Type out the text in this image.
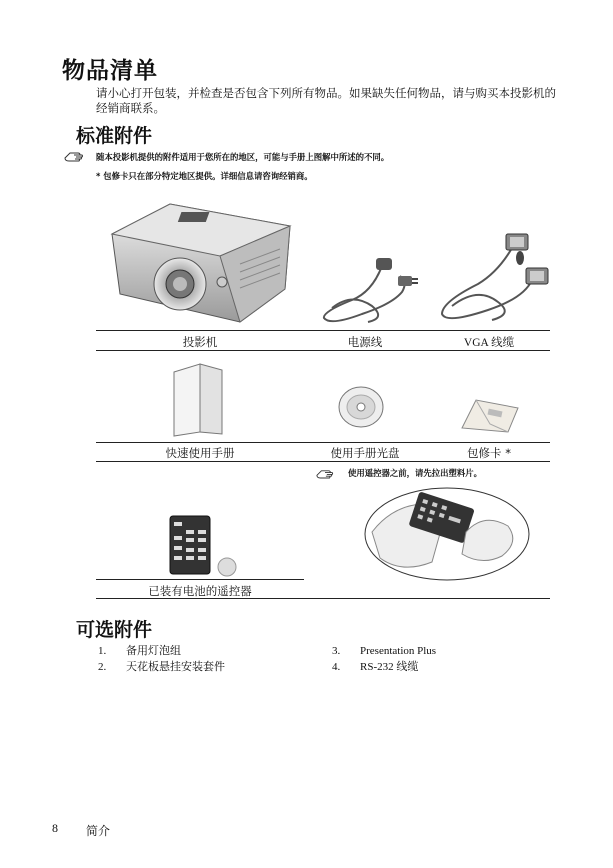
物品清单
请小心打开包装，并检查是否包含下列所有物品。如果缺失任何物品，请与购买本投影机的经销商联系。
标准附件
随本投影机提供的附件适用于您所在的地区，可能与手册上图解中所述的不同。
* 包修卡只在部分特定地区提供。详细信息请咨询经销商。
投影机	电源线	VGA 线缆
快速使用手册	使用手册光盘	包修卡 *
使用遥控器之前，请先拉出塑料片。
已装有电池的遥控器
可选附件
1. 备用灯泡组
2. 天花板悬挂安装套件
3. Presentation Plus
4. RS-232 线缆
8 简介
